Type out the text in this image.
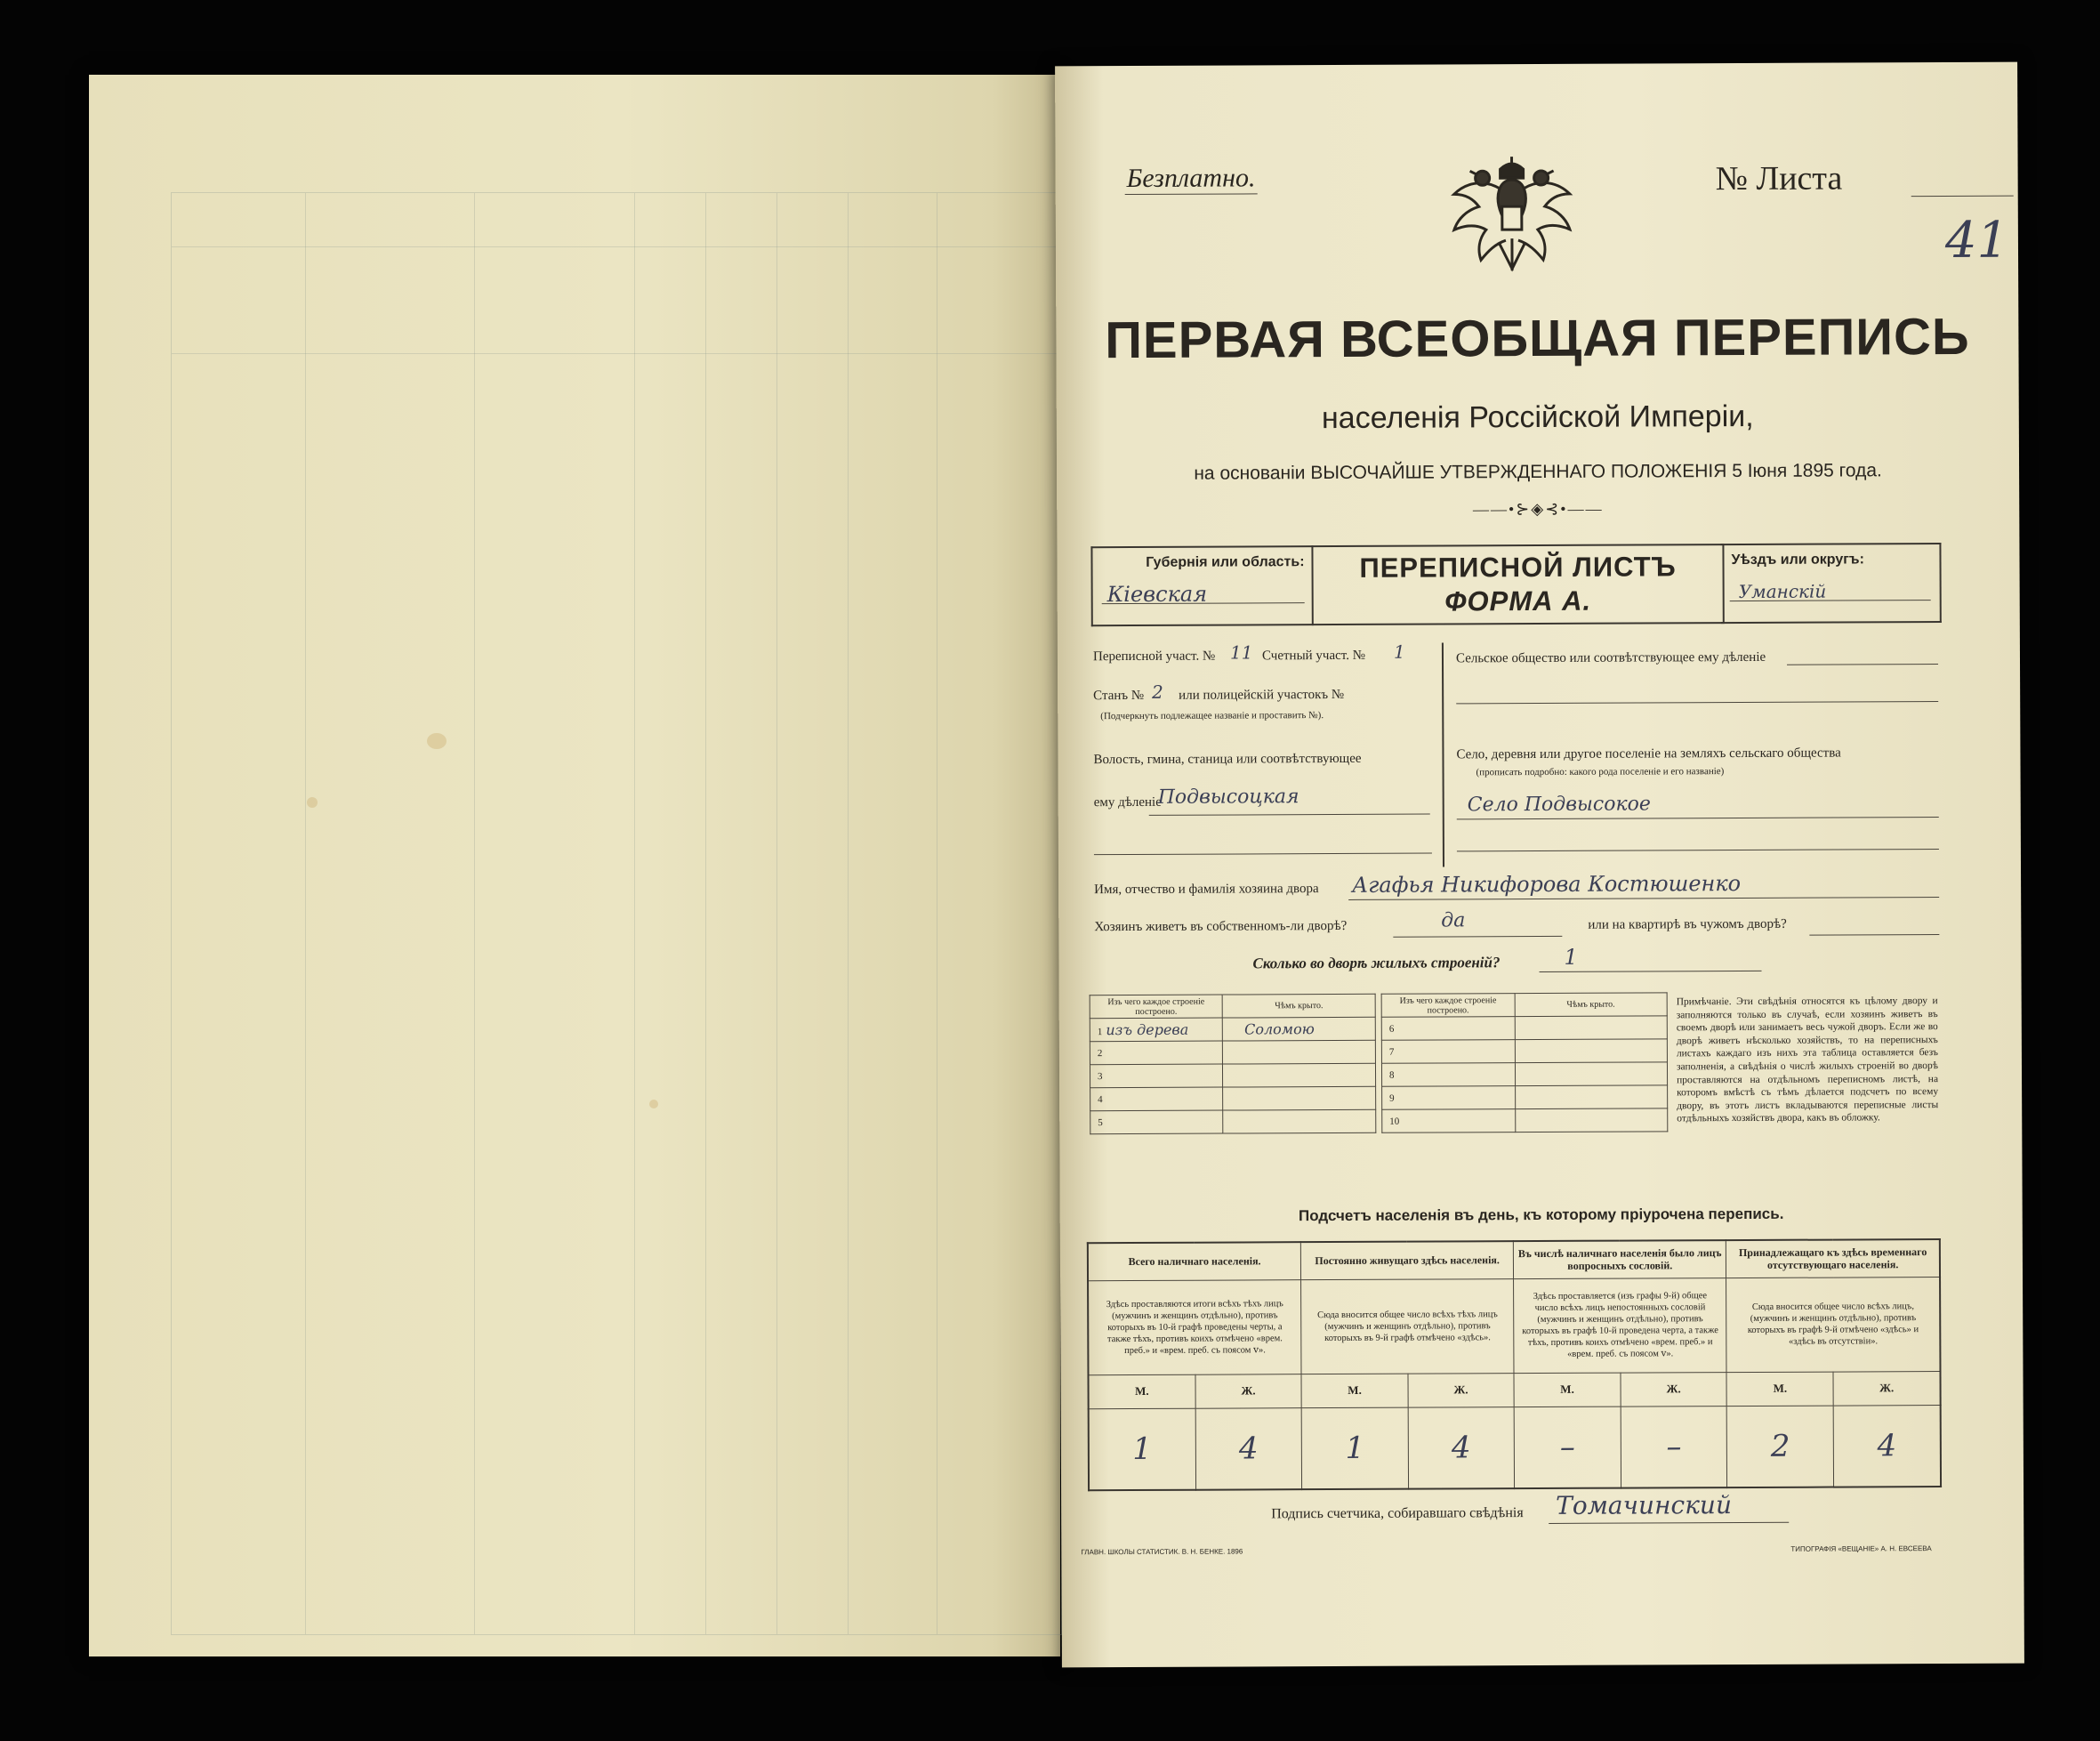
Безплатно.	№ Листа
41
ПЕРВАЯ ВСЕОБЩАЯ ПЕРЕПИСЬ
населенія Россійской Имперіи,
на основаніи ВЫСОЧАЙШЕ УТВЕРЖДЕННАГО ПОЛОЖЕНІЯ 5 Іюня 1895 года.
——•⊱◈⊰•——
Губернія или область:
Кіевская
ПЕРЕПИСНОЙ ЛИСТЪ
ФОРМА А.
Уѣздъ или округъ:
Уманскій
Переписной участ. № 11 Счетный участ. № 1
Станъ № 2 или полицейскій участокъ №
(Подчеркнуть подлежащее названіе и проставить №).
Волость, гмина, станица или соотвѣтствующее
ему дѣленіе
Подвысоцкая
Сельское общество или соотвѣтствующее ему дѣленіе
Село, деревня или другое поселеніе на земляхъ сельскаго общества
(прописать подробно: какого рода поселеніе и его названіе)
Село Подвысокое
Имя, отчество и фамилія хозяина двора Агафья Никифорова Костюшенко
Хозяинъ живетъ въ собственномъ-ли дворѣ?	да	или на квартирѣ въ чужомъ дворѣ?
Сколько во дворѣ жилыхъ строеній?	1
Изъ чего каждое строеніе построено.	Чѣмъ крыто.
1 изъ дерева	Соломою
2	
3	
4	
5	
Изъ чего каждое строеніе построено.	Чѣмъ крыто.
6	
7	
8	
9	
10	
Примѣчаніе. Эти свѣдѣнія относятся къ цѣлому двору и заполняются только въ случаѣ, если хозяинъ живетъ въ своемъ дворѣ или занимаетъ весь чужой дворъ. Если же во дворѣ живетъ нѣсколько хозяйствъ, то на переписныхъ листахъ каждаго изъ нихъ эта таблица оставляется безъ заполненія, а свѣдѣнія о числѣ жилыхъ строеній во дворѣ проставляются на отдѣльномъ переписномъ листѣ, на которомъ вмѣстѣ съ тѣмъ дѣлается подсчетъ по всему двору, въ этотъ листъ вкладываются переписные листы отдѣльныхъ хозяйствъ двора, какъ въ обложку.
Подсчетъ населенія въ день, къ которому пріурочена перепись.
Всего наличнаго населенія.		Постоянно живущаго здѣсь населенія.		Въ числѣ наличнаго населенія было лицъ вопросныхъ сословій.		Принадлежащаго къ здѣсь временнаго отсутствующаго населенія.	
Здѣсь проставляются итоги всѣхъ тѣхъ лицъ (мужчинъ и женщинъ отдѣльно), противъ которыхъ въ 10-й графѣ проведены черты, а также тѣхъ, противъ коихъ отмѣчено «врем. преб.» и «врем. преб. съ поясом ⅴ».		Сюда вносится общее число всѣхъ тѣхъ лицъ (мужчинъ и женщинъ отдѣльно), противъ которыхъ въ 9-й графѣ отмѣчено «здѣсь».		Здѣсь проставляется (изъ графы 9-й) общее число всѣхъ лицъ непостоянныхъ сословій (мужчинъ и женщинъ отдѣльно), противъ которыхъ въ графѣ 10-й проведена черта, а также тѣхъ, противъ коихъ отмѣчено «врем. преб.» и «врем. преб. съ поясом ⅴ».		Сюда вносится общее число всѣхъ лицъ, (мужчинъ и женщинъ отдѣльно), противъ которыхъ въ графѣ 9-й отмѣчено «здѣсь» и «здѣсь въ отсутствіи».	
М.	Ж.	М.	Ж.	М.	Ж.	М.	Ж.
1	4	1	4	–	–	2	4
Подпись счетчика, собиравшаго свѣдѣнія Томачинский
ГЛАВН. ШКОЛЫ СТАТИСТИК. В. Н. БЕНКЕ. 1896	ТИПОГРАФІЯ «ВЕЩАНІЕ» А. Н. ЕВСЕЕВА
